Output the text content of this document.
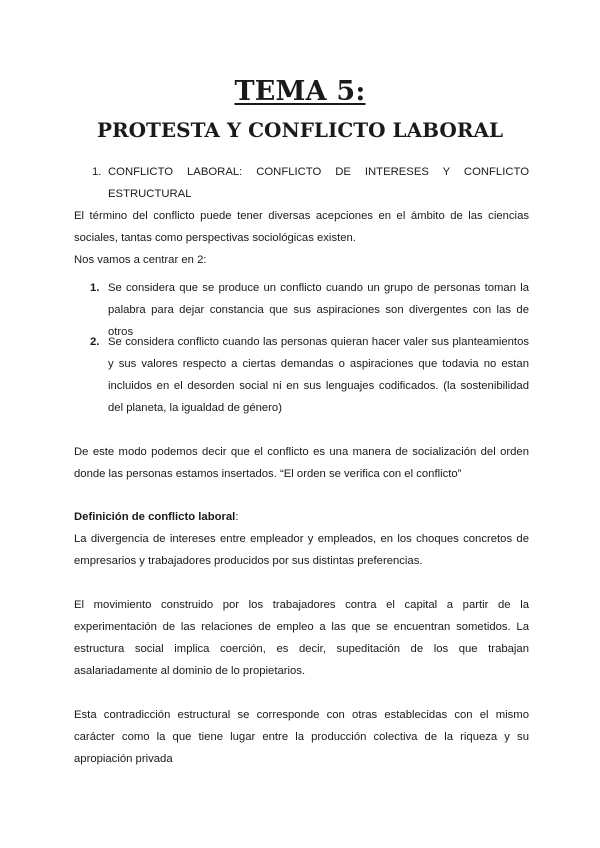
TEMA 5:
PROTESTA Y CONFLICTO LABORAL
1. CONFLICTO LABORAL: CONFLICTO DE INTERESES Y CONFLICTO ESTRUCTURAL

El término del conflicto puede tener diversas acepciones en el ámbito de las ciencias sociales, tantas como perspectivas sociológicas existen.

Nos vamos a centrar en 2:

1. Se considera que se produce un conflicto cuando un grupo de personas toman la palabra para dejar constancia que sus aspiraciones son divergentes con las de otros
2. Se considera conflicto cuando las personas quieran hacer valer sus planteamientos y sus valores respecto a ciertas demandas o aspiraciones que todavia no estan incluidos en el desorden social ni en sus lenguajes codificados. (la sostenibilidad del planeta, la igualdad de género)

De este modo podemos decir que el conflicto es una manera de socialización del orden donde las personas estamos insertados. “El orden se verifica con el conflicto”

Definición de conflicto laboral:

La divergencia de intereses entre empleador y empleados, en los choques concretos de empresarios y trabajadores producidos por sus distintas preferencias.

El movimiento construido por los trabajadores contra el capital a partir de la experimentación de las relaciones de empleo a las que se encuentran sometidos. La estructura social implica coerción, es decir, supeditación de los que trabajan asalariadamente al dominio de lo propietarios.

Esta contradicción estructural se corresponde con otras establecidas con el mismo carácter como la que tiene lugar entre la producción colectiva de la riqueza y su apropiación privada
